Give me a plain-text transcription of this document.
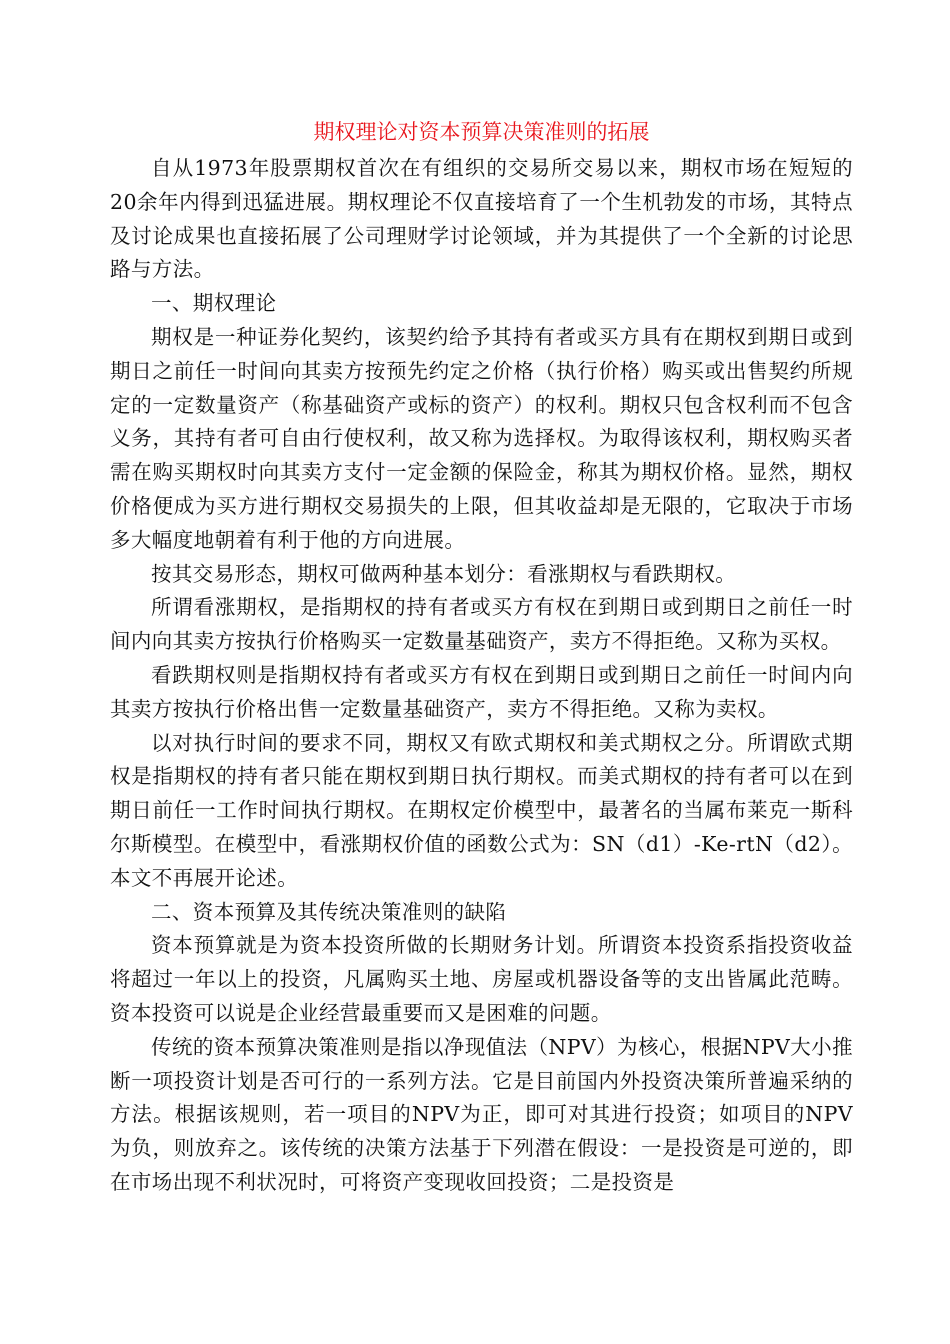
期权理论对资本预算决策准则的拓展

自从1973年股票期权首次在有组织的交易所交易以来，期权市场在短短的20余年内得到迅猛进展。期权理论不仅直接培育了一个生机勃发的市场，其特点及讨论成果也直接拓展了公司理财学讨论领域，并为其提供了一个全新的讨论思路与方法。

一、期权理论

期权是一种证券化契约，该契约给予其持有者或买方具有在期权到期日或到期日之前任一时间向其卖方按预先约定之价格（执行价格）购买或出售契约所规定的一定数量资产（称基础资产或标的资产）的权利。期权只包含权利而不包含义务，其持有者可自由行使权利，故又称为选择权。为取得该权利，期权购买者需在购买期权时向其卖方支付一定金额的保险金，称其为期权价格。显然，期权价格便成为买方进行期权交易损失的上限，但其收益却是无限的，它取决于市场多大幅度地朝着有利于他的方向进展。

按其交易形态，期权可做两种基本划分：看涨期权与看跌期权。

所谓看涨期权，是指期权的持有者或买方有权在到期日或到期日之前任一时间内向其卖方按执行价格购买一定数量基础资产，卖方不得拒绝。又称为买权。

看跌期权则是指期权持有者或买方有权在到期日或到期日之前任一时间内向其卖方按执行价格出售一定数量基础资产，卖方不得拒绝。又称为卖权。

以对执行时间的要求不同，期权又有欧式期权和美式期权之分。所谓欧式期权是指期权的持有者只能在期权到期日执行期权。而美式期权的持有者可以在到期日前任一工作时间执行期权。在期权定价模型中，最著名的当属布莱克一斯科尔斯模型。在模型中，看涨期权价值的函数公式为：SN（d1）-Ke-rtN（d2）。本文不再展开论述。

二、资本预算及其传统决策准则的缺陷

资本预算就是为资本投资所做的长期财务计划。所谓资本投资系指投资收益将超过一年以上的投资，凡属购买土地、房屋或机器设备等的支出皆属此范畴。资本投资可以说是企业经营最重要而又是困难的问题。

传统的资本预算决策准则是指以净现值法（NPV）为核心，根据NPV大小推断一项投资计划是否可行的一系列方法。它是目前国内外投资决策所普遍采纳的方法。根据该规则，若一项目的NPV为正，即可对其进行投资；如项目的NPV为负，则放弃之。该传统的决策方法基于下列潜在假设：一是投资是可逆的，即在市场出现不利状况时，可将资产变现收回投资；二是投资是
